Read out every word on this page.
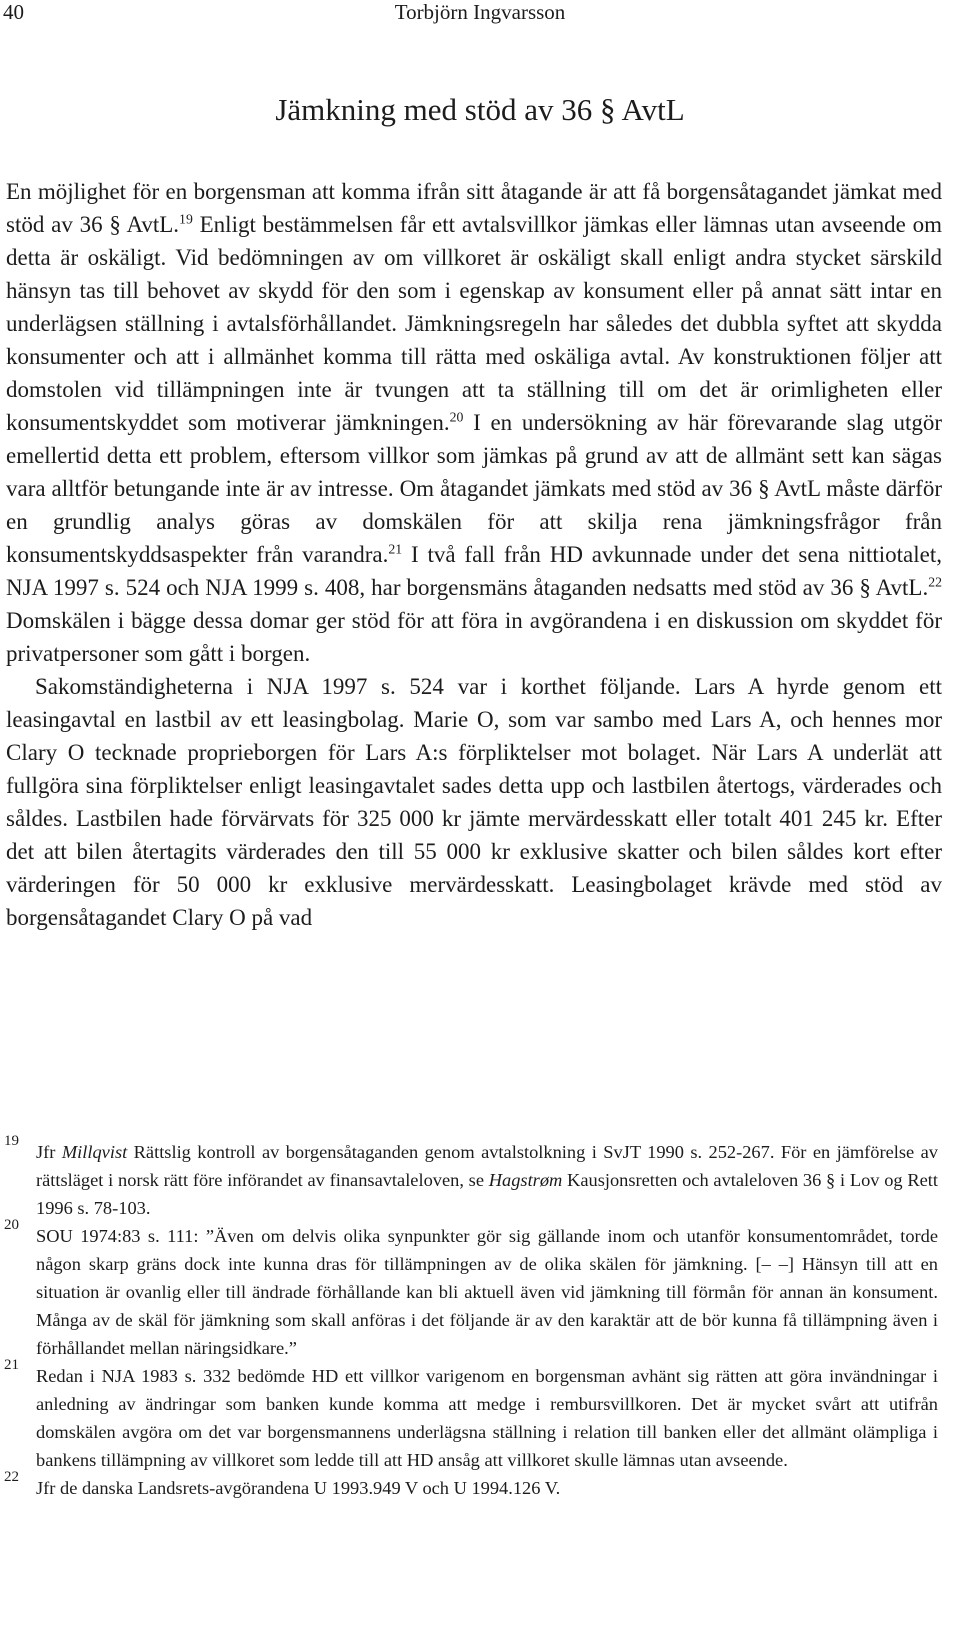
40	Torbjörn Ingvarsson
Jämkning med stöd av 36 § AvtL

En möjlighet för en borgensman att komma ifrån sitt åtagande är att få borgensåtagandet jämkat med stöd av 36 § AvtL.$^{19}$ Enligt bestämmelsen får ett avtalsvillkor jämkas eller lämnas utan avseende om detta är oskäligt. Vid bedömningen av om villkoret är oskäligt skall enligt andra stycket särskild hänsyn tas till behovet av skydd för den som i egenskap av konsument eller på annat sätt intar en underlägsen ställning i avtalsförhållandet. Jämkningsregeln har således det dubbla syftet att skydda konsumenter och att i allmänhet komma till rätta med oskäliga avtal. Av konstruktionen följer att domstolen vid tillämpningen inte är tvungen att ta ställning till om det är orimligheten eller konsumentskyddet som motiverar jämkningen.$^{20}$ I en undersökning av här förevarande slag utgör emellertid detta ett problem, eftersom villkor som jämkas på grund av att de allmänt sett kan sägas vara alltför betungande inte är av intresse. Om åtagandet jämkats med stöd av 36 § AvtL måste därför en grundlig analys göras av domskälen för att skilja rena jämkningsfrågor från konsumentskyddsaspekter från varandra.$^{21}$ I två fall från HD avkunnade under det sena nittiotalet, NJA 1997 s. 524 och NJA 1999 s. 408, har borgensmäns åtaganden nedsatts med stöd av 36 § AvtL.$^{22}$ Domskälen i bägge dessa domar ger stöd för att föra in avgörandena i en diskussion om skyddet för privatpersoner som gått i borgen.

Sakomständigheterna i NJA 1997 s. 524 var i korthet följande. Lars A hyrde genom ett leasingavtal en lastbil av ett leasingbolag. Marie O, som var sambo med Lars A, och hennes mor Clary O tecknade proprieborgen för Lars A:s förpliktelser mot bolaget. När Lars A underlät att fullgöra sina förpliktelser enligt leasingavtalet sades detta upp och lastbilen återtogs, värderades och såldes. Lastbilen hade förvärvats för 325 000 kr jämte mervärdesskatt eller totalt 401 245 kr. Efter det att bilen återtagits värderades den till 55 000 kr exklusive skatter och bilen såldes kort efter värderingen för 50 000 kr exklusive mervärdesskatt. Leasingbolaget krävde med stöd av borgensåtagandet Clary O på vad

19
Jfr Millqvist Rättslig kontroll av borgensåtaganden genom avtalstolkning i SvJT 1990 s. 252-267. För en jämförelse av rättsläget i norsk rätt före införandet av finansavtaleloven, se Hagstrøm Kausjonsretten och avtaleloven 36 § i Lov og Rett 1996 s. 78-103.
20
SOU 1974:83 s. 111: ”Även om delvis olika synpunkter gör sig gällande inom och utanför konsumentområdet, torde någon skarp gräns dock inte kunna dras för tillämpningen av de olika skälen för jämkning. [– –] Hänsyn till att en situation är ovanlig eller till ändrade förhållande kan bli aktuell även vid jämkning till förmån för annan än konsument. Många av de skäl för jämkning som skall anföras i det följande är av den karaktär att de bör kunna få tillämpning även i förhållandet mellan näringsidkare.”
21
Redan i NJA 1983 s. 332 bedömde HD ett villkor varigenom en borgensman avhänt sig rätten att göra invändningar i anledning av ändringar som banken kunde komma att medge i rembursvillkoren. Det är mycket svårt att utifrån domskälen avgöra om det var borgensmannens underlägsna ställning i relation till banken eller det allmänt olämpliga i bankens tillämpning av villkoret som ledde till att HD ansåg att villkoret skulle lämnas utan avseende.
22
Jfr de danska Landsrets-avgörandena U 1993.949 V och U 1994.126 V.
